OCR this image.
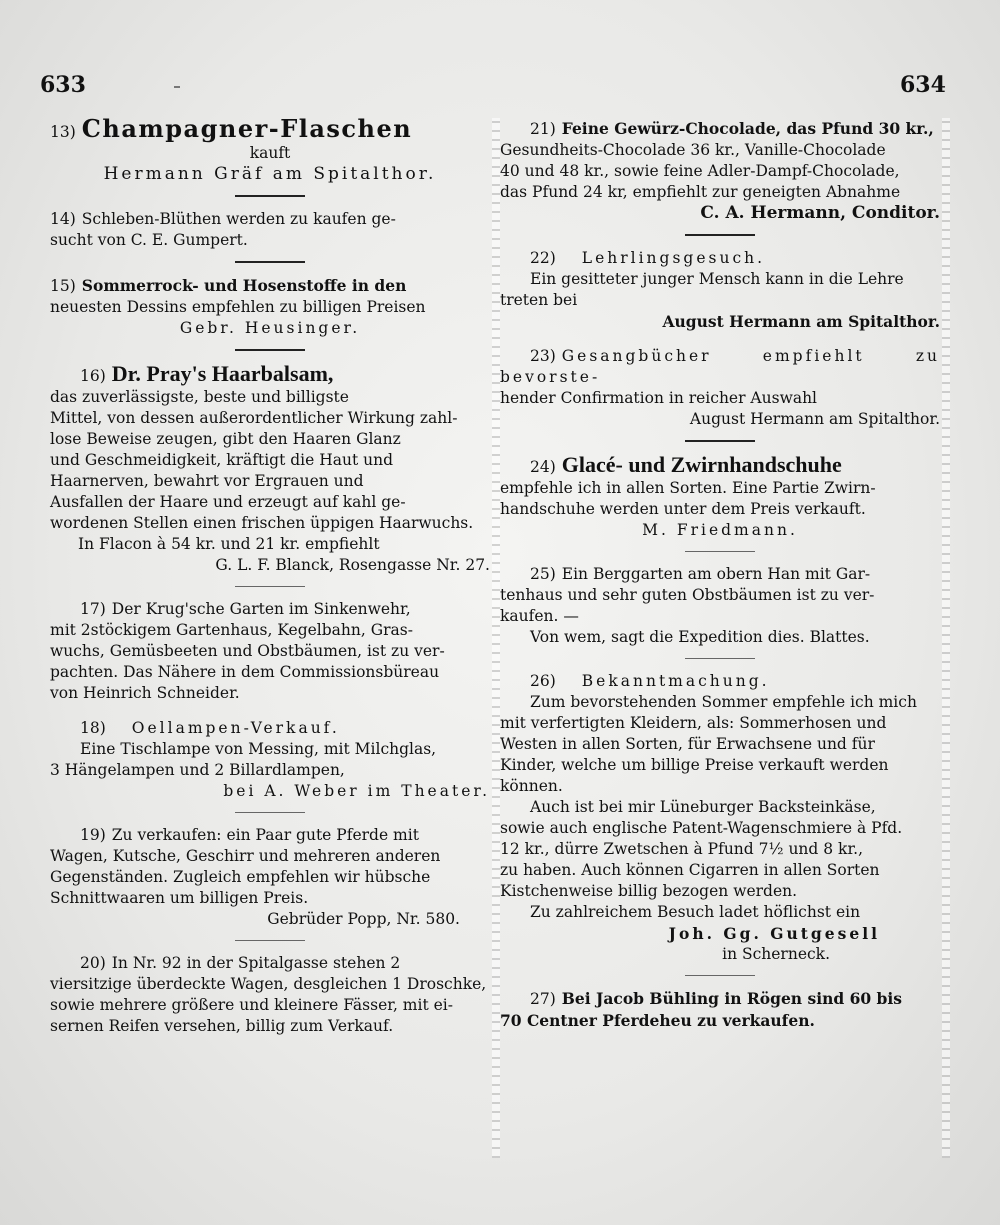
633	634

13) Champagner-Flaschen

kauft

Hermann Gräf am Spitalthor.

14) Schleben-Blüthen werden zu kaufen ge-

sucht von C. E. Gumpert.

15) Sommerrock- und Hosenstoffe in den

neuesten Dessins empfehlen zu billigen Preisen

Gebr. Heusinger.

16) Dr. Pray's Haarbalsam,

das zuverlässigste, beste und billigste

Mittel, von dessen außerordentlicher Wirkung zahl-

lose Beweise zeugen, gibt den Haaren Glanz

und Geschmeidigkeit, kräftigt die Haut und

Haarnerven, bewahrt vor Ergrauen und

Ausfallen der Haare und erzeugt auf kahl ge-

wordenen Stellen einen frischen üppigen Haarwuchs.

In Flacon à 54 kr. und 21 kr. empfiehlt

G. L. F. Blanck, Rosengasse Nr. 27.

17) Der Krug'sche Garten im Sinkenwehr,

mit 2stöckigem Gartenhaus, Kegelbahn, Gras-

wuchs, Gemüsbeeten und Obstbäumen, ist zu ver-

pachten. Das Nähere in dem Commissionsbüreau

von Heinrich Schneider.

18) Oellampen-Verkauf.

Eine Tischlampe von Messing, mit Milchglas,

3 Hängelampen und 2 Billardlampen,

bei A. Weber im Theater.

19) Zu verkaufen: ein Paar gute Pferde mit

Wagen, Kutsche, Geschirr und mehreren anderen

Gegenständen. Zugleich empfehlen wir hübsche

Schnittwaaren um billigen Preis.

Gebrüder Popp, Nr. 580.

20) In Nr. 92 in der Spitalgasse stehen 2

viersitzige überdeckte Wagen, desgleichen 1 Droschke,

sowie mehrere größere und kleinere Fässer, mit ei-

sernen Reifen versehen, billig zum Verkauf.

21) Feine Gewürz-Chocolade, das Pfund 30 kr.,

Gesundheits-Chocolade 36 kr., Vanille-Chocolade

40 und 48 kr., sowie feine Adler-Dampf-Chocolade,

das Pfund 24 kr, empfiehlt zur geneigten Abnahme

C. A. Hermann, Conditor.

22) Lehrlingsgesuch.

Ein gesitteter junger Mensch kann in die Lehre

treten bei

August Hermann am Spitalthor.

23) Gesangbücher empfiehlt zu bevorste-

hender Confirmation in reicher Auswahl

August Hermann am Spitalthor.

24) Glacé- und Zwirnhandschuhe

empfehle ich in allen Sorten. Eine Partie Zwirn-

handschuhe werden unter dem Preis verkauft.

M. Friedmann.

25) Ein Berggarten am obern Han mit Gar-

tenhaus und sehr guten Obstbäumen ist zu ver-

kaufen. —

Von wem, sagt die Expedition dies. Blattes.

26) Bekanntmachung.

Zum bevorstehenden Sommer empfehle ich mich

mit verfertigten Kleidern, als: Sommerhosen und

Westen in allen Sorten, für Erwachsene und für

Kinder, welche um billige Preise verkauft werden

können.

Auch ist bei mir Lüneburger Backsteinkäse,

sowie auch englische Patent-Wagenschmiere à Pfd.

12 kr., dürre Zwetschen à Pfund 7½ und 8 kr.,

zu haben. Auch können Cigarren in allen Sorten

Kistchenweise billig bezogen werden.

Zu zahlreichem Besuch ladet höflichst ein

Joh. Gg. Gutgesell

in Scherneck.

27) Bei Jacob Bühling in Rögen sind 60 bis

70 Centner Pferdeheu zu verkaufen.
